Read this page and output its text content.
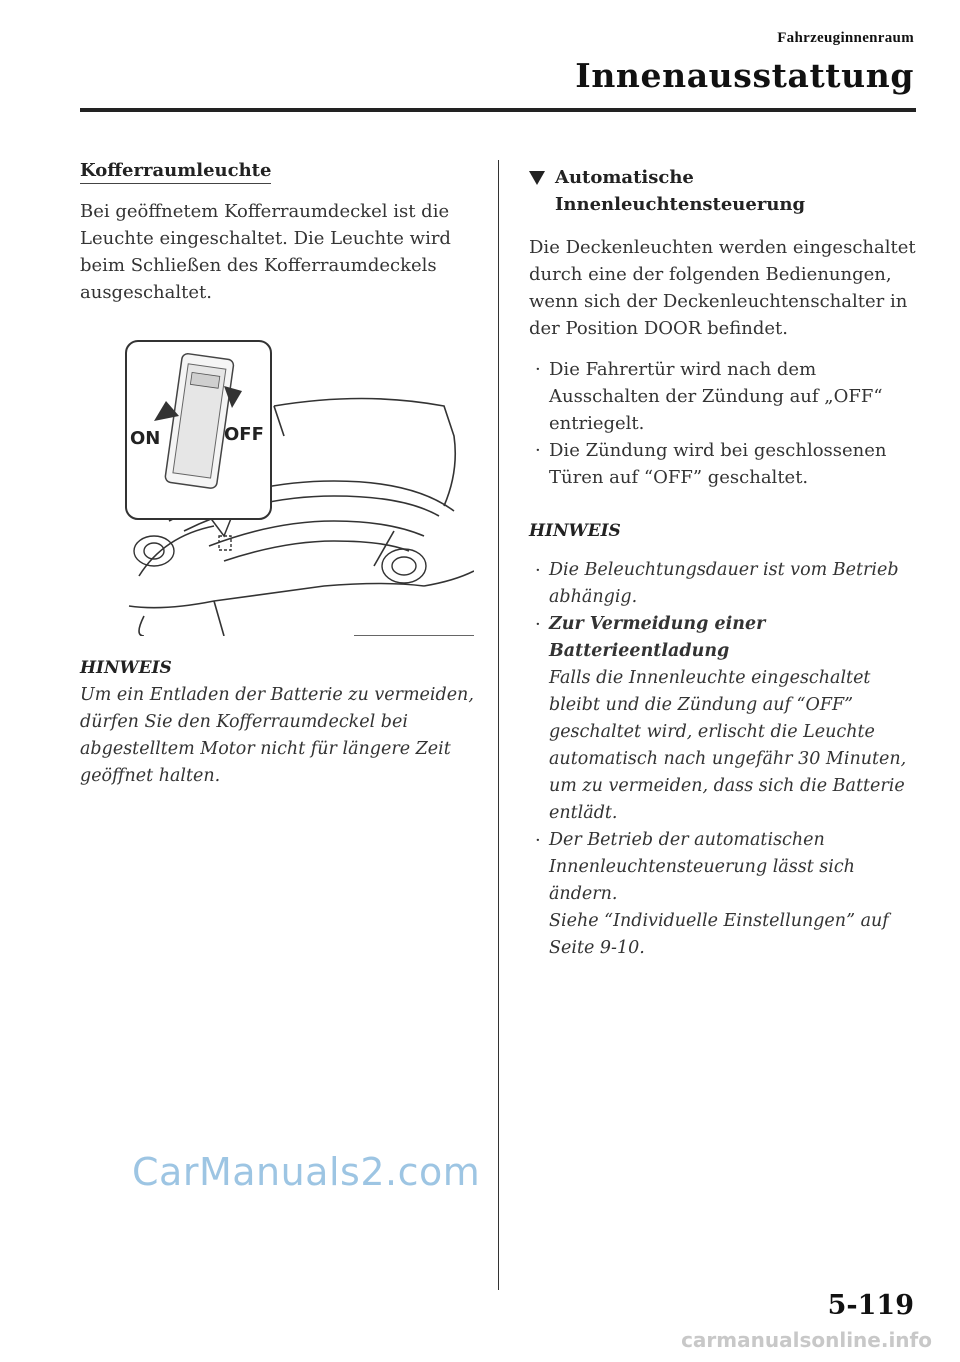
Fahrzeuginnenraum
Innenausstattung
Kofferraumleuchte

Bei geöffnetem Kofferraumdeckel ist die Leuchte eingeschaltet. Die Leuchte wird beim Schließen des Kofferraumdeckels ausgeschaltet.

ON	OFF
HINWEIS

Um ein Entladen der Batterie zu vermeiden, dürfen Sie den Kofferraumdeckel bei abgestelltem Motor nicht für längere Zeit geöffnet halten.

Automatische
Innenleuchtensteuerung

Die Deckenleuchten werden eingeschaltet durch eine der folgenden Bedienungen, wenn sich der Deckenleuchtenschalter in der Position DOOR befindet.

· Die Fahrertür wird nach dem Ausschalten der Zündung auf „OFF“ entriegelt.
· Die Zündung wird bei geschlossenen Türen auf “OFF” geschaltet.
HINWEIS
· Die Beleuchtungsdauer ist vom Betrieb abhängig.
· Zur Vermeidung einer Batterieentladung
Falls die Innenleuchte eingeschaltet bleibt und die Zündung auf “OFF” geschaltet wird, erlischt die Leuchte automatisch nach ungefähr 30 Minuten, um zu vermeiden, dass sich die Batterie entlädt.
· Der Betrieb der automatischen Innenleuchtensteuerung lässt sich ändern.
Siehe “Individuelle Einstellungen” auf Seite 9-10.
CarManuals2.com
5-119
carmanualsonline.info
